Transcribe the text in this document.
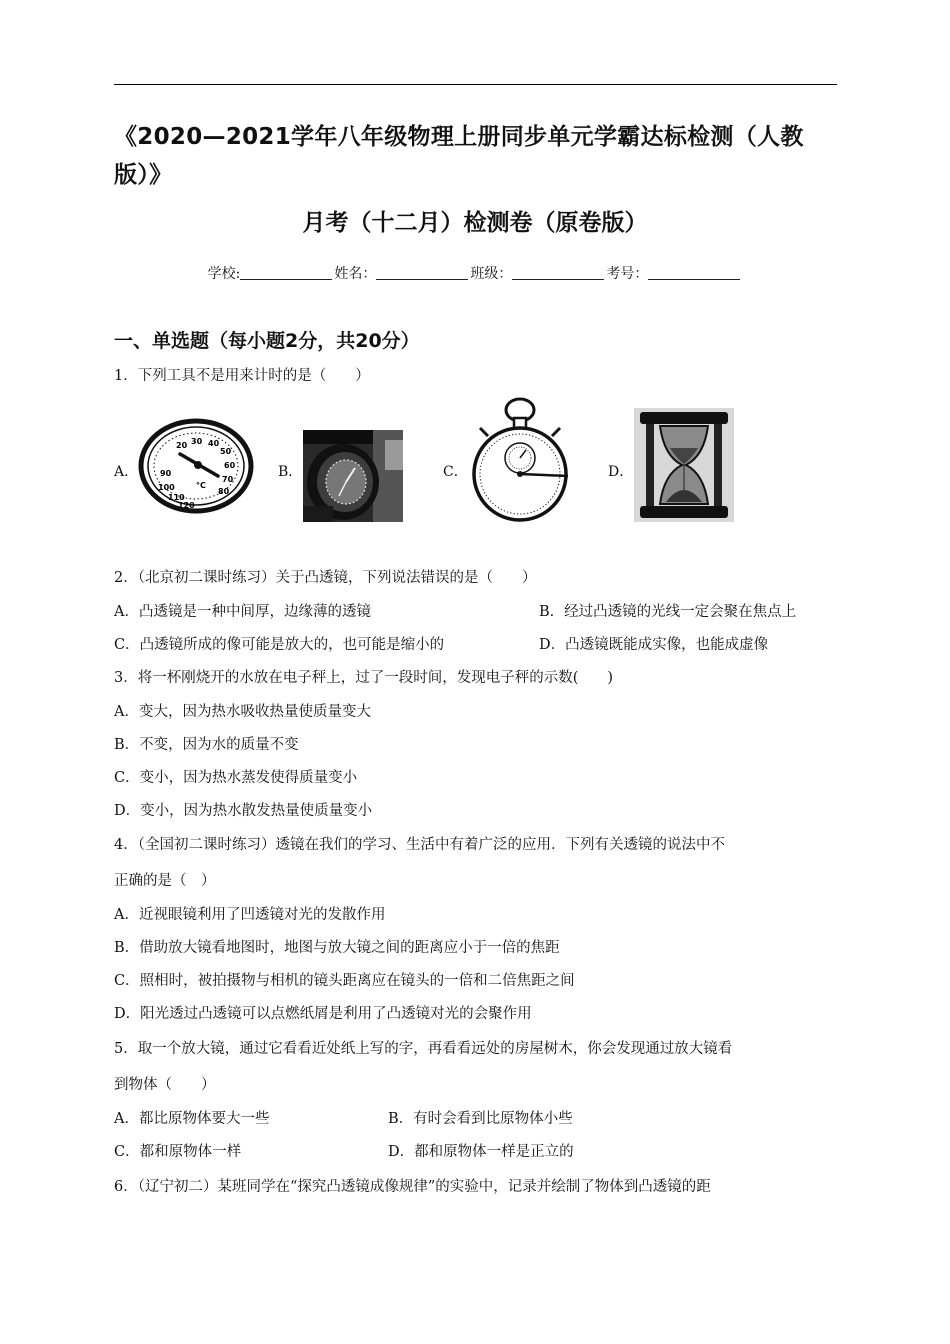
《2020—2021学年八年级物理上册同步单元学霸达标检测（人教版）》
月考（十二月）检测卷（原卷版）
学校:	姓名：	班级：	考号：
一、单选题（每小题2分，共20分）
1．下列工具不是用来计时的是（　　）
A．	B．	C．	D．
30 40
20
50
60
70
80
90
100
110
120
°C
2．（北京初二课时练习）关于凸透镜，下列说法错误的是（　　）
A．凸透镜是一种中间厚，边缘薄的透镜	B．经过凸透镜的光线一定会聚在焦点上
C．凸透镜所成的像可能是放大的，也可能是缩小的	D．凸透镜既能成实像，也能成虚像
3．将一杯刚烧开的水放在电子秤上，过了一段时间，发现电子秤的示数(　　)
A．变大，因为热水吸收热量使质量变大
B．不变，因为水的质量不变
C．变小，因为热水蒸发使得质量变小
D．变小，因为热水散发热量使质量变小
4．（全国初二课时练习）透镜在我们的学习、生活中有着广泛的应用．下列有关透镜的说法中不
正确的是（　）
A．近视眼镜利用了凹透镜对光的发散作用
B．借助放大镜看地图时，地图与放大镜之间的距离应小于一倍的焦距
C．照相时，被拍摄物与相机的镜头距离应在镜头的一倍和二倍焦距之间
D．阳光透过凸透镜可以点燃纸屑是利用了凸透镜对光的会聚作用
5．取一个放大镜，通过它看看近处纸上写的字，再看看远处的房屋树木，你会发现通过放大镜看
到物体（　　）
A．都比原物体要大一些	B．有时会看到比原物体小些
C．都和原物体一样	D．都和原物体一样是正立的
6．（辽宁初二）某班同学在“探究凸透镜成像规律”的实验中，记录并绘制了物体到凸透镜的距
